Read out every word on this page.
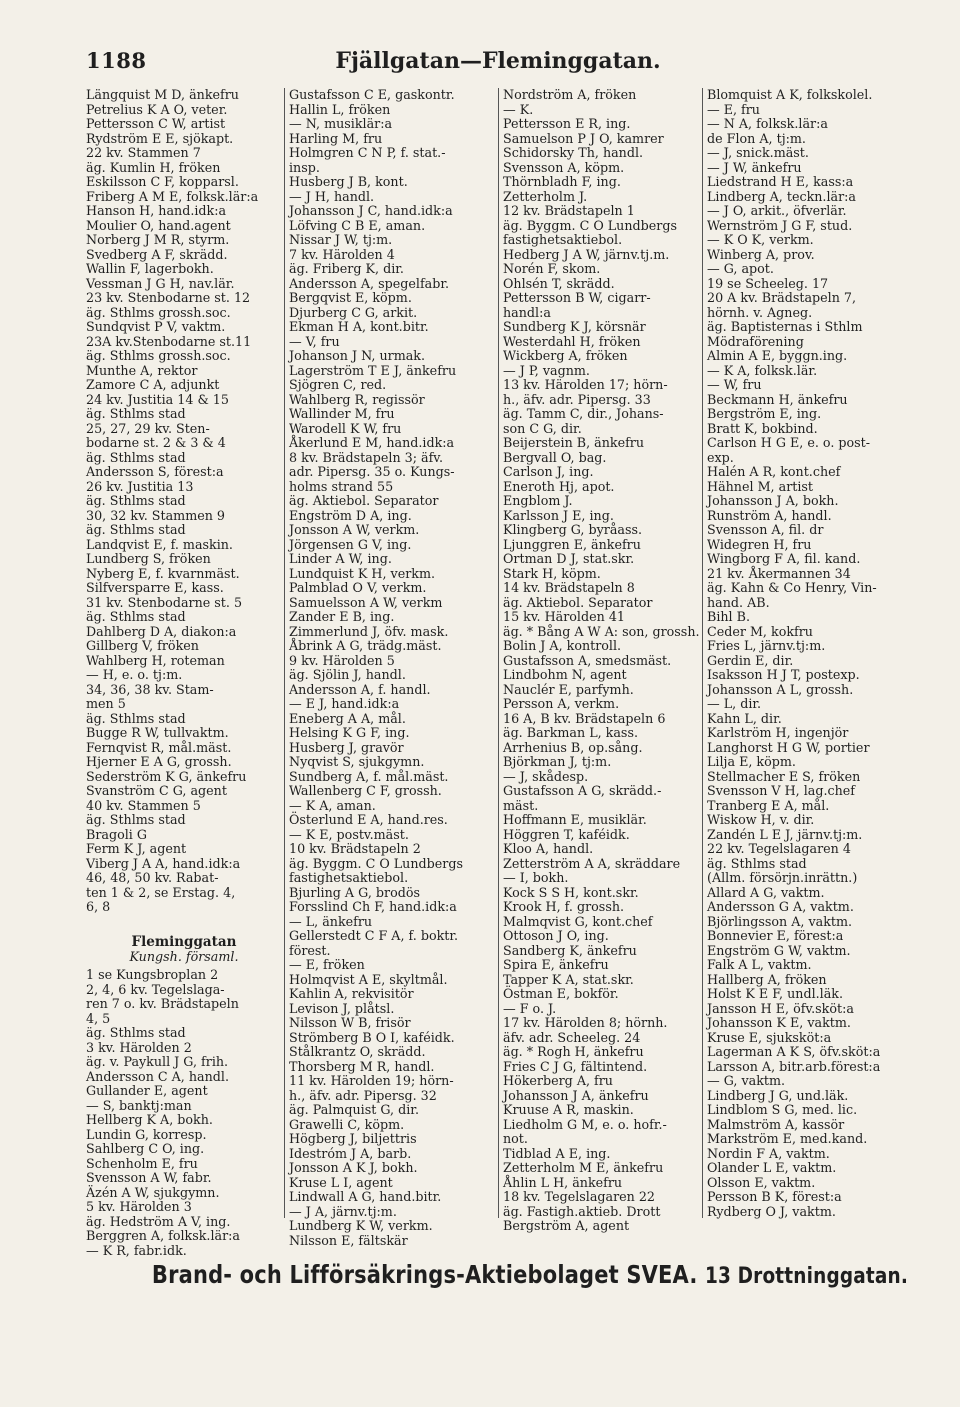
1188	Fjällgatan—Fleminggatan.
Längquist M D, änkefru
Petrelius K A O, veter.
Pettersson C W, artist
Rydström E E, sjökapt.
22 kv. Stammen 7
äg. Kumlin H, fröken
Eskilsson C F, kopparsl.
Friberg A M E, folksk.lär:a
Hanson H, hand.idk:a
Moulier O, hand.agent
Norberg J M R, styrm.
Svedberg A F, skrädd.
Wallin F, lagerbokh.
Vessman J G H, nav.lär.
23 kv. Stenbodarne st. 12
äg. Sthlms grossh.soc.
Sundqvist P V, vaktm.
23A kv.Stenbodarne st.11
äg. Sthlms grossh.soc.
Munthe A, rektor
Zamore C A, adjunkt
24 kv. Justitia 14 & 15
äg. Sthlms stad
25, 27, 29 kv. Sten-
bodarne st. 2 & 3 & 4
äg. Sthlms stad
Andersson S, förest:a
26 kv. Justitia 13
äg. Sthlms stad
30, 32 kv. Stammen 9
äg. Sthlms stad
Landqvist E, f. maskin.
Lundberg S, fröken
Nyberg E, f. kvarnmäst.
Silfversparre E, kass.
31 kv. Stenbodarne st. 5
äg. Sthlms stad
Dahlberg D A, diakon:a
Gillberg V, fröken
Wahlberg H, roteman
— H, e. o. tj:m.
34, 36, 38 kv. Stam-
men 5
äg. Sthlms stad
Bugge R W, tullvaktm.
Fernqvist R, mål.mäst.
Hjerner E A G, grossh.
Sederström K G, änkefru
Svanström C G, agent
40 kv. Stammen 5
äg. Sthlms stad
Bragoli G
Ferm K J, agent
Viberg J A A, hand.idk:a
46, 48, 50 kv. Rabat-
ten 1 & 2, se Erstag. 4,
6, 8

Fleminggatan
Kungsh. församl.
1 se Kungsbroplan 2
2, 4, 6 kv. Tegelslaga-
ren 7 o. kv. Brädstapeln
4, 5
äg. Sthlms stad
3 kv. Härolden 2
äg. v. Paykull J G, frih.
Andersson C A, handl.
Gullander E, agent
— S, banktj:man
Hellberg K A, bokh.
Lundin G, korresp.
Sahlberg C O, ing.
Schenholm E, fru
Svensson A W, fabr.
Äzén A W, sjukgymn.
5 kv. Härolden 3
äg. Hedström A V, ing.
Berggren A, folksk.lär:a
— K R, fabr.idk.
Gustafsson C E, gaskontr.
Hallin L, fröken
— N, musiklär:a
Harling M, fru
Holmgren C N P, f. stat.-
insp.
Husberg J B, kont.
— J H, handl.
Johansson J C, hand.idk:a
Löfving C B E, aman.
Nissar J W, tj:m.
7 kv. Härolden 4
äg. Friberg K, dir.
Andersson A, spegelfabr.
Bergqvist E, köpm.
Djurberg C G, arkit.
Ekman H A, kont.bitr.
— V, fru
Johanson J N, urmak.
Lagerström T E J, änkefru
Sjögren C, red.
Wahlberg R, regissör
Wallinder M, fru
Warodell K W, fru
Åkerlund E M, hand.idk:a
8 kv. Brädstapeln 3; äfv.
adr. Pipersg. 35 o. Kungs-
holms strand 55
äg. Aktiebol. Separator
Engström D A, ing.
Jonsson A W, verkm.
Jörgensen G V, ing.
Linder A W, ing.
Lundquist K H, verkm.
Palmblad O V, verkm.
Samuelsson A W, verkm
Zander E B, ing.
Zimmerlund J, öfv. mask.
Åbrink A G, trädg.mäst.
9 kv. Härolden 5
äg. Sjölin J, handl.
Andersson A, f. handl.
— E J, hand.idk:a
Eneberg A A, mål.
Helsing K G F, ing.
Husberg J, gravör
Nyqvist S, sjukgymn.
Sundberg A, f. mål.mäst.
Wallenberg C F, grossh.
— K A, aman.
Österlund E A, hand.res.
— K E, postv.mäst.
10 kv. Brädstapeln 2
äg. Byggm. C O Lundbergs
fastighetsaktiebol.
Bjurling A G, brodös
Forsslind Ch F, hand.idk:a
— L, änkefru
Gellerstedt C F A, f. boktr.
förest.
— E, fröken
Holmqvist A E, skyltmål.
Kahlin A, rekvisitör
Levison J, plåtsl.
Nilsson W B, frisör
Strömberg B O I, kaféidk.
Stålkrantz O, skrädd.
Thorsberg M R, handl.
11 kv. Härolden 19; hörn-
h., äfv. adr. Pipersg. 32
äg. Palmquist G, dir.
Grawelli C, köpm.
Högberg J, biljettris
Idestróm J A, barb.
Jonsson A K J, bokh.
Kruse L I, agent
Lindwall A G, hand.bitr.
— J A, järnv.tj:m.
Lundberg K W, verkm.
Nilsson E, fältskär
Nordström A, fröken
— K.
Pettersson E R, ing.
Samuelson P J O, kamrer
Schidorsky Th, handl.
Svensson A, köpm.
Thörnbladh F, ing.
Zetterholm J.
12 kv. Brädstapeln 1
äg. Byggm. C O Lundbergs
fastighetsaktiebol.
Hedberg J A W, järnv.tj.m.
Norén F, skom.
Ohlsén T, skrädd.
Pettersson B W, cigarr-
handl:a
Sundberg K J, körsnär
Westerdahl H, fröken
Wickberg A, fröken
— J P, vagnm.
13 kv. Härolden 17; hörn-
h., äfv. adr. Pipersg. 33
äg. Tamm C, dir., Johans-
son C G, dir.
Beijerstein B, änkefru
Bergvall O, bag.
Carlson J, ing.
Eneroth Hj, apot.
Engblom J.
Karlsson J E, ing.
Klingberg G, byråass.
Ljunggren E, änkefru
Ortman D J, stat.skr.
Stark H, köpm.
14 kv. Brädstapeln 8
äg. Aktiebol. Separator
15 kv. Härolden 41
äg. * Bång A W A: son, grossh.
Bolin J A, kontroll.
Gustafsson A, smedsmäst.
Lindbohm N, agent
Nauclér E, parfymh.
Persson A, verkm.
16 A, B kv. Brädstapeln 6
äg. Barkman L, kass.
Arrhenius B, op.sång.
Björkman J, tj:m.
— J, skådesp.
Gustafsson A G, skrädd.-
mäst.
Hoffmann E, musiklär.
Höggren T, kaféidk.
Kloo A, handl.
Zetterström A A, skräddare
— I, bokh.
Kock S S H, kont.skr.
Krook H, f. grossh.
Malmqvist G, kont.chef
Ottoson J O, ing.
Sandberg K, änkefru
Spira E, änkefru
Tapper K A, stat.skr.
Östman E, bokför.
— F o. J.
17 kv. Härolden 8; hörnh.
äfv. adr. Scheeleg. 24
äg. * Rogh H, änkefru
Fries C J G, fältintend.
Hökerberg A, fru
Johansson J A, änkefru
Kruuse A R, maskin.
Liedholm G M, e. o. hofr.-
not.
Tidblad A E, ing.
Zetterholm M E, änkefru
Åhlin L H, änkefru
18 kv. Tegelslagaren 22
äg. Fastigh.aktieb. Drott
Bergström A, agent
Blomquist A K, folkskolel.
— E, fru
— N A, folksk.lär:a
de Flon A, tj:m.
— J, snick.mäst.
— J W, änkefru
Liedstrand H E, kass:a
Lindberg A, teckn.lär:a
— J O, arkit., öfverlär.
Wernström J G F, stud.
— K O K, verkm.
Winberg A, prov.
— G, apot.
19 se Scheeleg. 17
20 A kv. Brädstapeln 7,
hörnh. v. Agneg.
äg. Baptisternas i Sthlm
Mödraförening
Almin A E, byggn.ing.
— K A, folksk.lär.
— W, fru
Beckmann H, änkefru
Bergström E, ing.
Bratt K, bokbind.
Carlson H G E, e. o. post-
exp.
Halén A R, kont.chef
Hähnel M, artist
Johansson J A, bokh.
Runström A, handl.
Svensson A, fil. dr
Widegren H, fru
Wingborg F A, fil. kand.
21 kv. Åkermannen 34
äg. Kahn & Co Henry, Vin-
hand. AB.
Bihl B.
Ceder M, kokfru
Fries L, järnv.tj:m.
Gerdin E, dir.
Isaksson H J T, postexp.
Johansson A L, grossh.
— L, dir.
Kahn L, dir.
Karlström H, ingenjör
Langhorst H G W, portier
Lilja E, köpm.
Stellmacher E S, fröken
Svensson V H, lag.chef
Tranberg E A, mål.
Wiskow H, v. dir.
Zandén L E J, järnv.tj:m.
22 kv. Tegelslagaren 4
äg. Sthlms stad
(Allm. försörjn.inrättn.)
Allard A G, vaktm.
Andersson G A, vaktm.
Björlingsson A, vaktm.
Bonnevier E, förest:a
Engström G W, vaktm.
Falk A L, vaktm.
Hallberg A, fröken
Holst K E F, undl.läk.
Jansson H E, öfv.sköt:a
Johansson K E, vaktm.
Kruse E, sjuksköt:a
Lagerman A K S, öfv.sköt:a
Larsson A, bitr.arb.förest:a
— G, vaktm.
Lindberg J G, und.läk.
Lindblom S G, med. lic.
Malmström A, kassör
Markström E, med.kand.
Nordin F A, vaktm.
Olander L E, vaktm.
Olsson E, vaktm.
Persson B K, förest:a
Rydberg O J, vaktm.
Brand- och Lifförsäkrings-Aktiebolaget SVEA. 13 Drottninggatan.
